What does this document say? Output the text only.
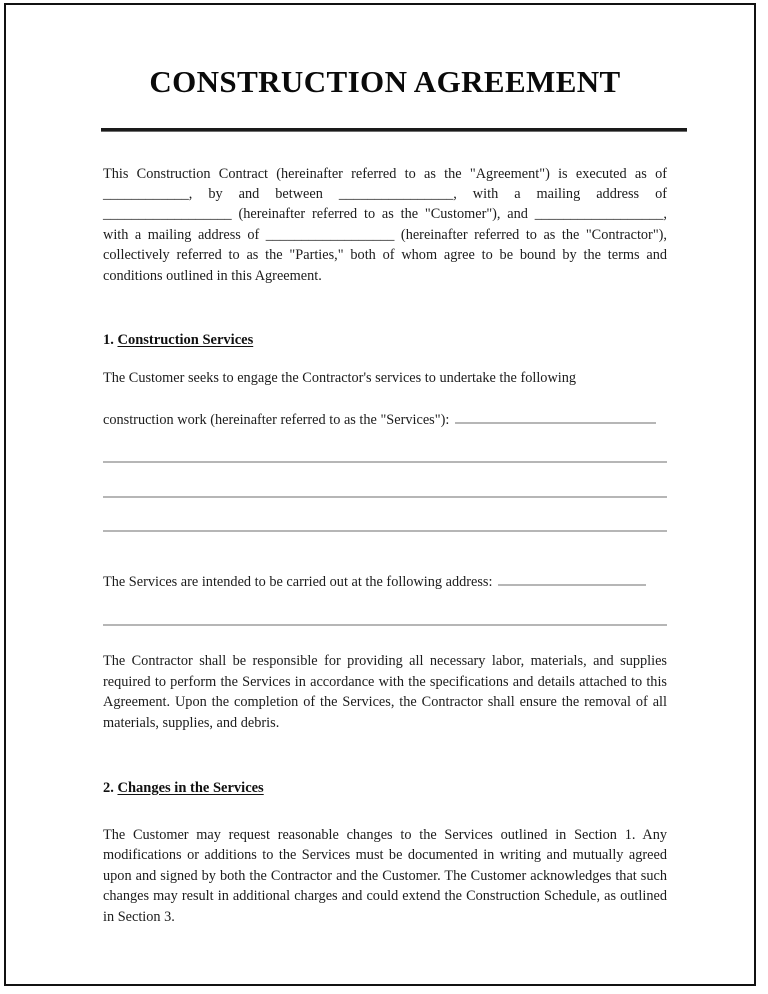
CONSTRUCTION AGREEMENT

This Construction Contract (hereinafter referred to as the "Agreement") is executed as of ____________, by and between ________________, with a mailing address of __________________ (hereinafter referred to as the "Customer"), and __________________, with a mailing address of __________________ (hereinafter referred to as the "Contractor"), collectively referred to as the "Parties," both of whom agree to be bound by the terms and conditions outlined in this Agreement.

1. Construction Services

The Customer seeks to engage the Contractor's services to undertake the following

construction work (hereinafter referred to as the "Services"):

The Services are intended to be carried out at the following address:

The Contractor shall be responsible for providing all necessary labor, materials, and supplies required to perform the Services in accordance with the specifications and details attached to this Agreement. Upon the completion of the Services, the Contractor shall ensure the removal of all materials, supplies, and debris.

2. Changes in the Services

The Customer may request reasonable changes to the Services outlined in Section 1. Any modifications or additions to the Services must be documented in writing and mutually agreed upon and signed by both the Contractor and the Customer. The Customer acknowledges that such changes may result in additional charges and could extend the Construction Schedule, as outlined in Section 3.
